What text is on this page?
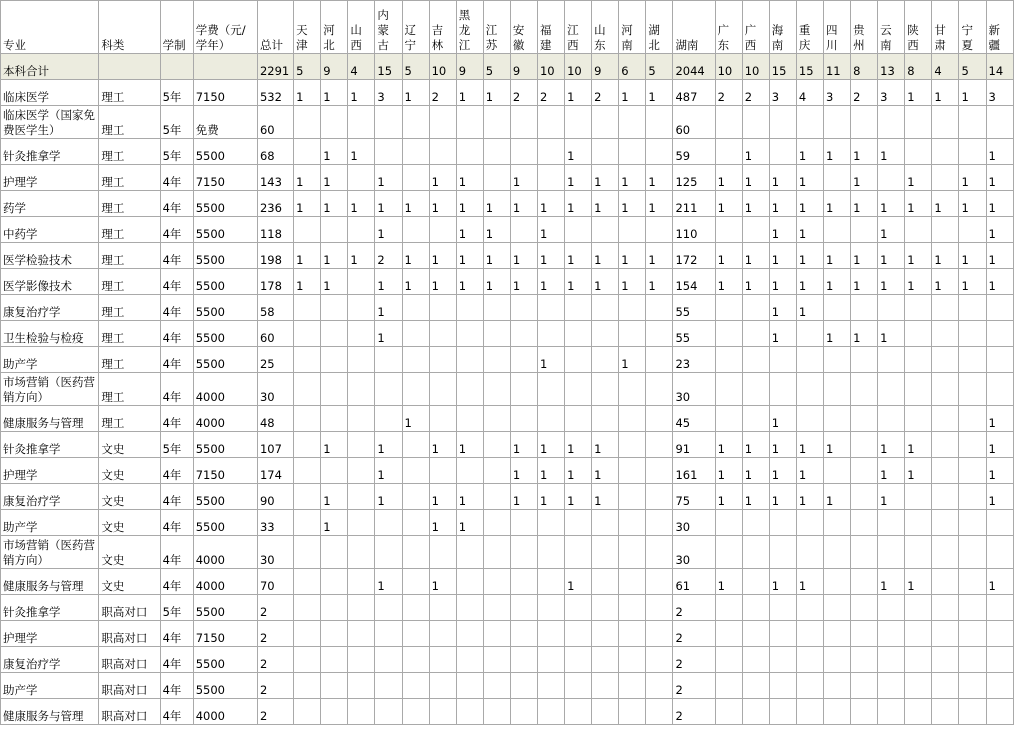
专业	科类	学制	学费（元/学年）	总计	天津	河北	山西	内蒙古	辽宁	吉林	黑龙江	江苏	安徽	福建	江西	山东	河南	湖北	湖南	广东	广西	海南	重庆	四川	贵州	云南	陕西	甘肃	宁夏	新疆
本科合计				2291	5	9	4	15	5	10	9	5	9	10	10	9	6	5	2044	10	10	15	15	11	8	13	8	4	5	14
临床医学	理工	5年	7150	532	1	1	1	3	1	2	1	1	2	2	1	2	1	1	487	2	2	3	4	3	2	3	1	1	1	3
临床医学（国家免费医学生）	理工	5年	免费	60															60											
针灸推拿学	理工	5年	5500	68		1	1								1				59		1		1	1	1	1				1
护理学	理工	4年	7150	143	1	1		1		1	1		1		1	1	1	1	125	1	1	1	1		1		1		1	1
药学	理工	4年	5500	236	1	1	1	1	1	1	1	1	1	1	1	1	1	1	211	1	1	1	1	1	1	1	1	1	1	1
中药学	理工	4年	5500	118				1			1	1		1					110			1	1			1				1
医学检验技术	理工	4年	5500	198	1	1	1	2	1	1	1	1	1	1	1	1	1	1	172	1	1	1	1	1	1	1	1	1	1	1
医学影像技术	理工	4年	5500	178	1	1		1	1	1	1	1	1	1	1	1	1	1	154	1	1	1	1	1	1	1	1	1	1	1
康复治疗学	理工	4年	5500	58				1											55			1	1							
卫生检验与检疫	理工	4年	5500	60				1											55			1		1	1	1				
助产学	理工	4年	5500	25										1			1		23											
市场营销（医药营销方向）	理工	4年	4000	30															30											
健康服务与管理	理工	4年	4000	48					1										45			1								1
针灸推拿学	文史	5年	5500	107		1		1		1	1		1	1	1	1			91	1	1	1	1	1		1	1			1
护理学	文史	4年	7150	174				1					1	1	1	1			161	1	1	1	1			1	1			1
康复治疗学	文史	4年	5500	90		1		1		1	1		1	1	1	1			75	1	1	1	1	1		1				1
助产学	文史	4年	5500	33		1				1	1								30											
市场营销（医药营销方向）	文史	4年	4000	30															30											
健康服务与管理	文史	4年	4000	70				1		1					1				61	1		1	1			1	1			1
针灸推拿学	职高对口	5年	5500	2															2											
护理学	职高对口	4年	7150	2															2											
康复治疗学	职高对口	4年	5500	2															2											
助产学	职高对口	4年	5500	2															2											
健康服务与管理	职高对口	4年	4000	2															2											
